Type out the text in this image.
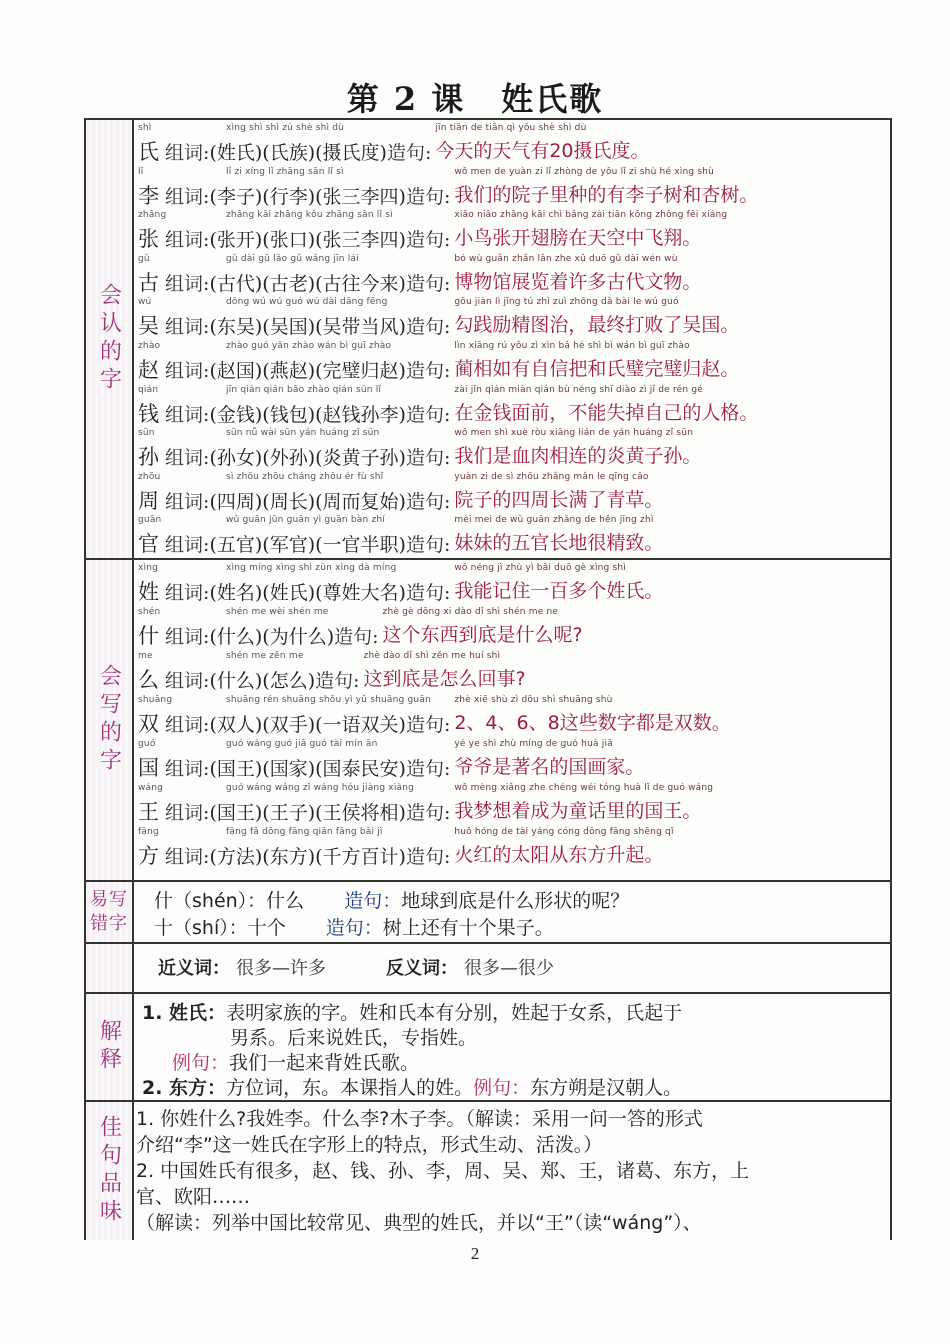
第 2 课 姓氏歌
会认的字
shì	xìng shì shì zú shè shì dù	jīn tiān de tiān qì yǒu shè shì dù
氏 组词:(姓氏)(氏族)(摄氏度)造句: 今天的天气有20摄氏度。
lǐ	lǐ zi xíng lǐ zhāng sān lǐ sì	wǒ men de yuàn zi lǐ zhòng de yǒu lǐ zi shù hé xìng shù
李 组词:(李子)(行李)(张三李四)造句: 我们的院子里种的有李子树和杏树。
zhāng	zhāng kāi zhāng kǒu zhāng sān lǐ sì	xiǎo niǎo zhāng kāi chì bǎng zài tiān kōng zhōng fēi xiáng
张 组词:(张开)(张口)(张三李四)造句: 小鸟张开翅膀在天空中飞翔。
gǔ	gǔ dài gǔ lǎo gǔ wǎng jīn lái	bó wù guǎn zhǎn lǎn zhe xǔ duō gǔ dài wén wù
古 组词:(古代)(古老)(古往今来)造句: 博物馆展览着许多古代文物。
wú	dōng wú wú guó wú dài dāng fēng	gōu jiàn lì jīng tú zhì zuì zhōng dǎ bài le wú guó
吴 组词:(东吴)(吴国)(吴带当风)造句: 勾践励精图治，最终打败了吴国。
zhào	zhào guó yān zhào wán bì guī zhào	lìn xiāng rú yǒu zì xìn bǎ hé shì bì wán bì guī zhào
赵 组词:(赵国)(燕赵)(完璧归赵)造句: 蔺相如有自信把和氏璧完璧归赵。
qián	jīn qián qián bāo zhào qián sūn lǐ	zài jīn qián miàn qián bù néng shī diào zì jǐ de rén gé
钱 组词:(金钱)(钱包)(赵钱孙李)造句: 在金钱面前，不能失掉自己的人格。
sūn	sūn nǚ wài sūn yán huáng zǐ sūn	wǒ men shì xuè ròu xiāng lián de yán huáng zǐ sūn
孙 组词:(孙女)(外孙)(炎黄子孙)造句: 我们是血肉相连的炎黄子孙。
zhōu	sì zhōu zhōu cháng zhōu ér fù shǐ	yuàn zi de sì zhōu zhǎng mǎn le qīng cǎo
周 组词:(四周)(周长)(周而复始)造句: 院子的四周长满了青草。
guān	wǔ guān jūn guān yì guān bàn zhí	mèi mei de wǔ guān zhǎng de hěn jīng zhì
官 组词:(五官)(军官)(一官半职)造句: 妹妹的五官长地很精致。
会写的字
xìng	xìng míng xìng shì zūn xìng dà míng	wǒ néng jì zhù yì bǎi duō gè xìng shì
姓 组词:(姓名)(姓氏)(尊姓大名)造句: 我能记住一百多个姓氏。
shén	shén me wèi shén me	zhè gè dōng xi dào dǐ shì shén me ne
什 组词:(什么)(为什么)造句: 这个东西到底是什么呢?
me	shén me zěn me	zhè dào dǐ shì zěn me huí shì
么 组词:(什么)(怎么)造句: 这到底是怎么回事?
shuāng	shuāng rén shuāng shǒu yì yǔ shuāng guān	zhè xiē shù zì dōu shì shuāng shù
双 组词:(双人)(双手)(一语双关)造句: 2、4、6、8这些数字都是双数。
guó	guó wáng guó jiā guó tài mín ān	yé ye shì zhù míng de guó huà jiā
国 组词:(国王)(国家)(国泰民安)造句: 爷爷是著名的国画家。
wáng	guó wáng wáng zǐ wáng hóu jiàng xiàng	wǒ mèng xiǎng zhe chéng wéi tóng huà lǐ de guó wáng
王 组词:(国王)(王子)(王侯将相)造句: 我梦想着成为童话里的国王。
fāng	fāng fǎ dōng fāng qiān fāng bǎi jì	huǒ hóng de tài yáng cóng dōng fāng shēng qǐ
方 组词:(方法)(东方)(千方百计)造句: 火红的太阳从东方升起。
易写错字
什（shén）：什么 造句：地球到底是什么形状的呢？
十（shí）：十个 造句：树上还有十个果子。
近义词： 很多—许多	反义词： 很多—很少
解释
1. 姓氏：表明家族的字。姓和氏本有分别，姓起于女系，氏起于
男系。后来说姓氏，专指姓。
例句：我们一起来背姓氏歌。
2. 东方：方位词，东。本课指人的姓。例句：东方朔是汉朝人。
佳句品味 1. 你姓什么?我姓李。什么李?木子李。（解读：采用一问一答的形式
介绍“李”这一姓氏在字形上的特点，形式生动、活泼。）
2. 中国姓氏有很多，赵、钱、孙、李，周、吴、郑、王，诸葛、东方，上
官、欧阳……
（解读：列举中国比较常见、典型的姓氏，并以“王”（读“wáng”）、
2
